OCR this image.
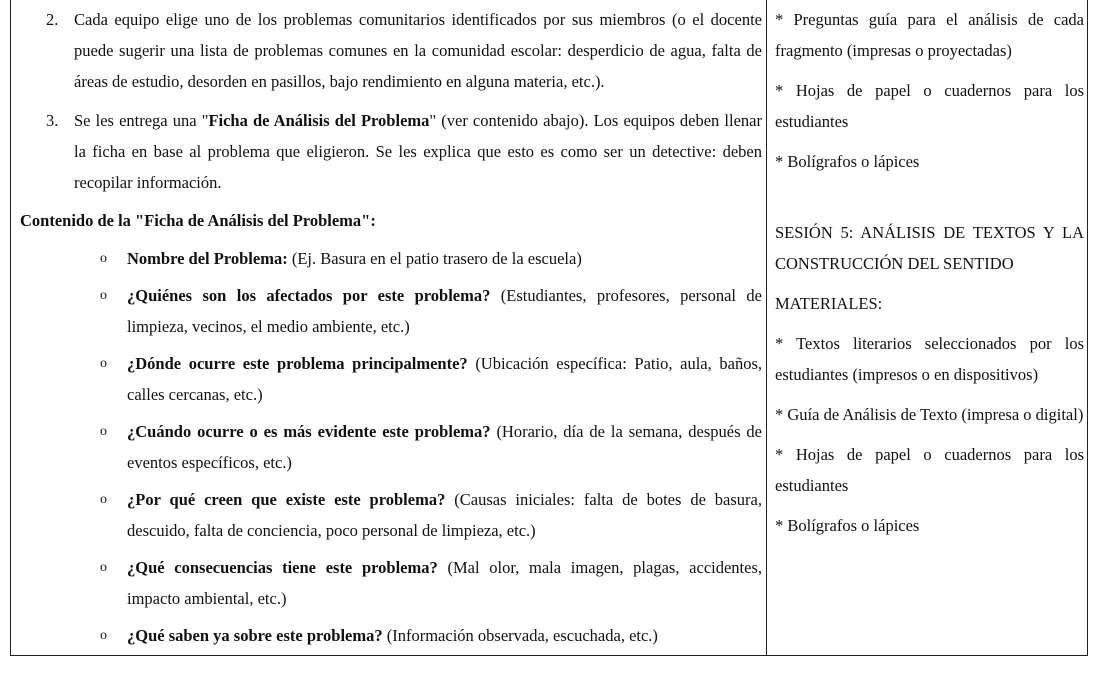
2. Cada equipo elige uno de los problemas comunitarios identificados por sus miembros (o el docente puede sugerir una lista de problemas comunes en la comunidad escolar: desperdicio de agua, falta de áreas de estudio, desorden en pasillos, bajo rendimiento en alguna materia, etc.).

3. Se les entrega una "Ficha de Análisis del Problema" (ver contenido abajo). Los equipos deben llenar la ficha en base al problema que eligieron. Se les explica que esto es como ser un detective: deben recopilar información.

Contenido de la "Ficha de Análisis del Problema":

o Nombre del Problema: (Ej. Basura en el patio trasero de la escuela)

o ¿Quiénes son los afectados por este problema? (Estudiantes, profesores, personal de limpieza, vecinos, el medio ambiente, etc.)

o ¿Dónde ocurre este problema principalmente? (Ubicación específica: Patio, aula, baños, calles cercanas, etc.)

o ¿Cuándo ocurre o es más evidente este problema? (Horario, día de la semana, después de eventos específicos, etc.)

o ¿Por qué creen que existe este problema? (Causas iniciales: falta de botes de basura, descuido, falta de conciencia, poco personal de limpieza, etc.)

o ¿Qué consecuencias tiene este problema? (Mal olor, mala imagen, plagas, accidentes, impacto ambiental, etc.)

o ¿Qué saben ya sobre este problema? (Información observada, escuchada, etc.)

* Preguntas guía para el análisis de cada fragmento (impresas o proyectadas)

* Hojas de papel o cuadernos para los estudiantes

* Bolígrafos o lápices

SESIÓN 5: ANÁLISIS DE TEXTOS Y LA CONSTRUCCIÓN DEL SENTIDO

MATERIALES:

* Textos literarios seleccionados por los estudiantes (impresos o en dispositivos)

* Guía de Análisis de Texto (impresa o digital)

* Hojas de papel o cuadernos para los estudiantes

* Bolígrafos o lápices
